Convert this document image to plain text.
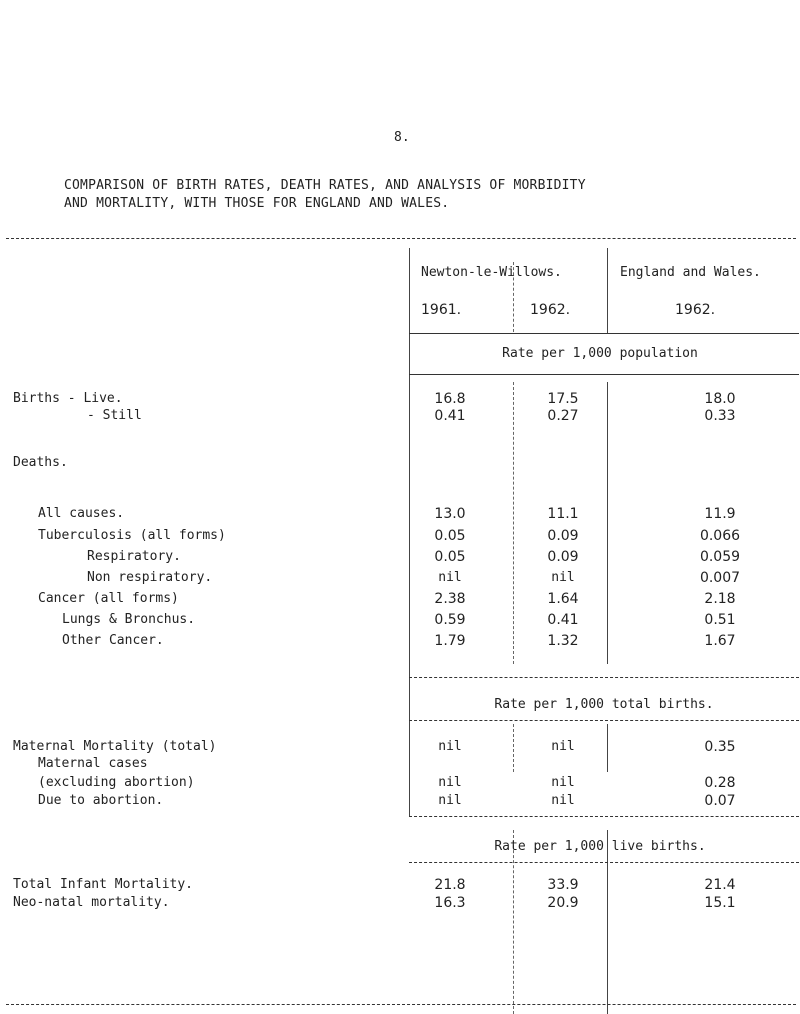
8.
COMPARISON OF BIRTH RATES, DEATH RATES, AND ANALYSIS OF MORBIDITY
AND MORTALITY, WITH THOSE FOR ENGLAND AND WALES.
Newton-le-Willows.	England and Wales.
1961.	1962.	1962.
Rate per 1,000 population
Births - Live.	16.8	17.5	18.0
- Still	0.41	0.27	0.33
Deaths.
All causes.	13.0	11.1	11.9
Tuberculosis (all forms)	0.05	0.09	0.066
Respiratory.	0.05	0.09	0.059
Non respiratory.	nil	nil	0.007
Cancer (all forms)	2.38	1.64	2.18
Lungs & Bronchus.	0.59	0.41	0.51
Other Cancer.	1.79	1.32	1.67
Rate per 1,000 total births.
Maternal Mortality (total)	nil	nil	0.35
Maternal cases
(excluding abortion)	nil	nil	0.28
Due to abortion.	nil	nil	0.07
Rate per 1,000 live births.
Total Infant Mortality.	21.8	33.9	21.4
Neo-natal mortality.	16.3	20.9	15.1
